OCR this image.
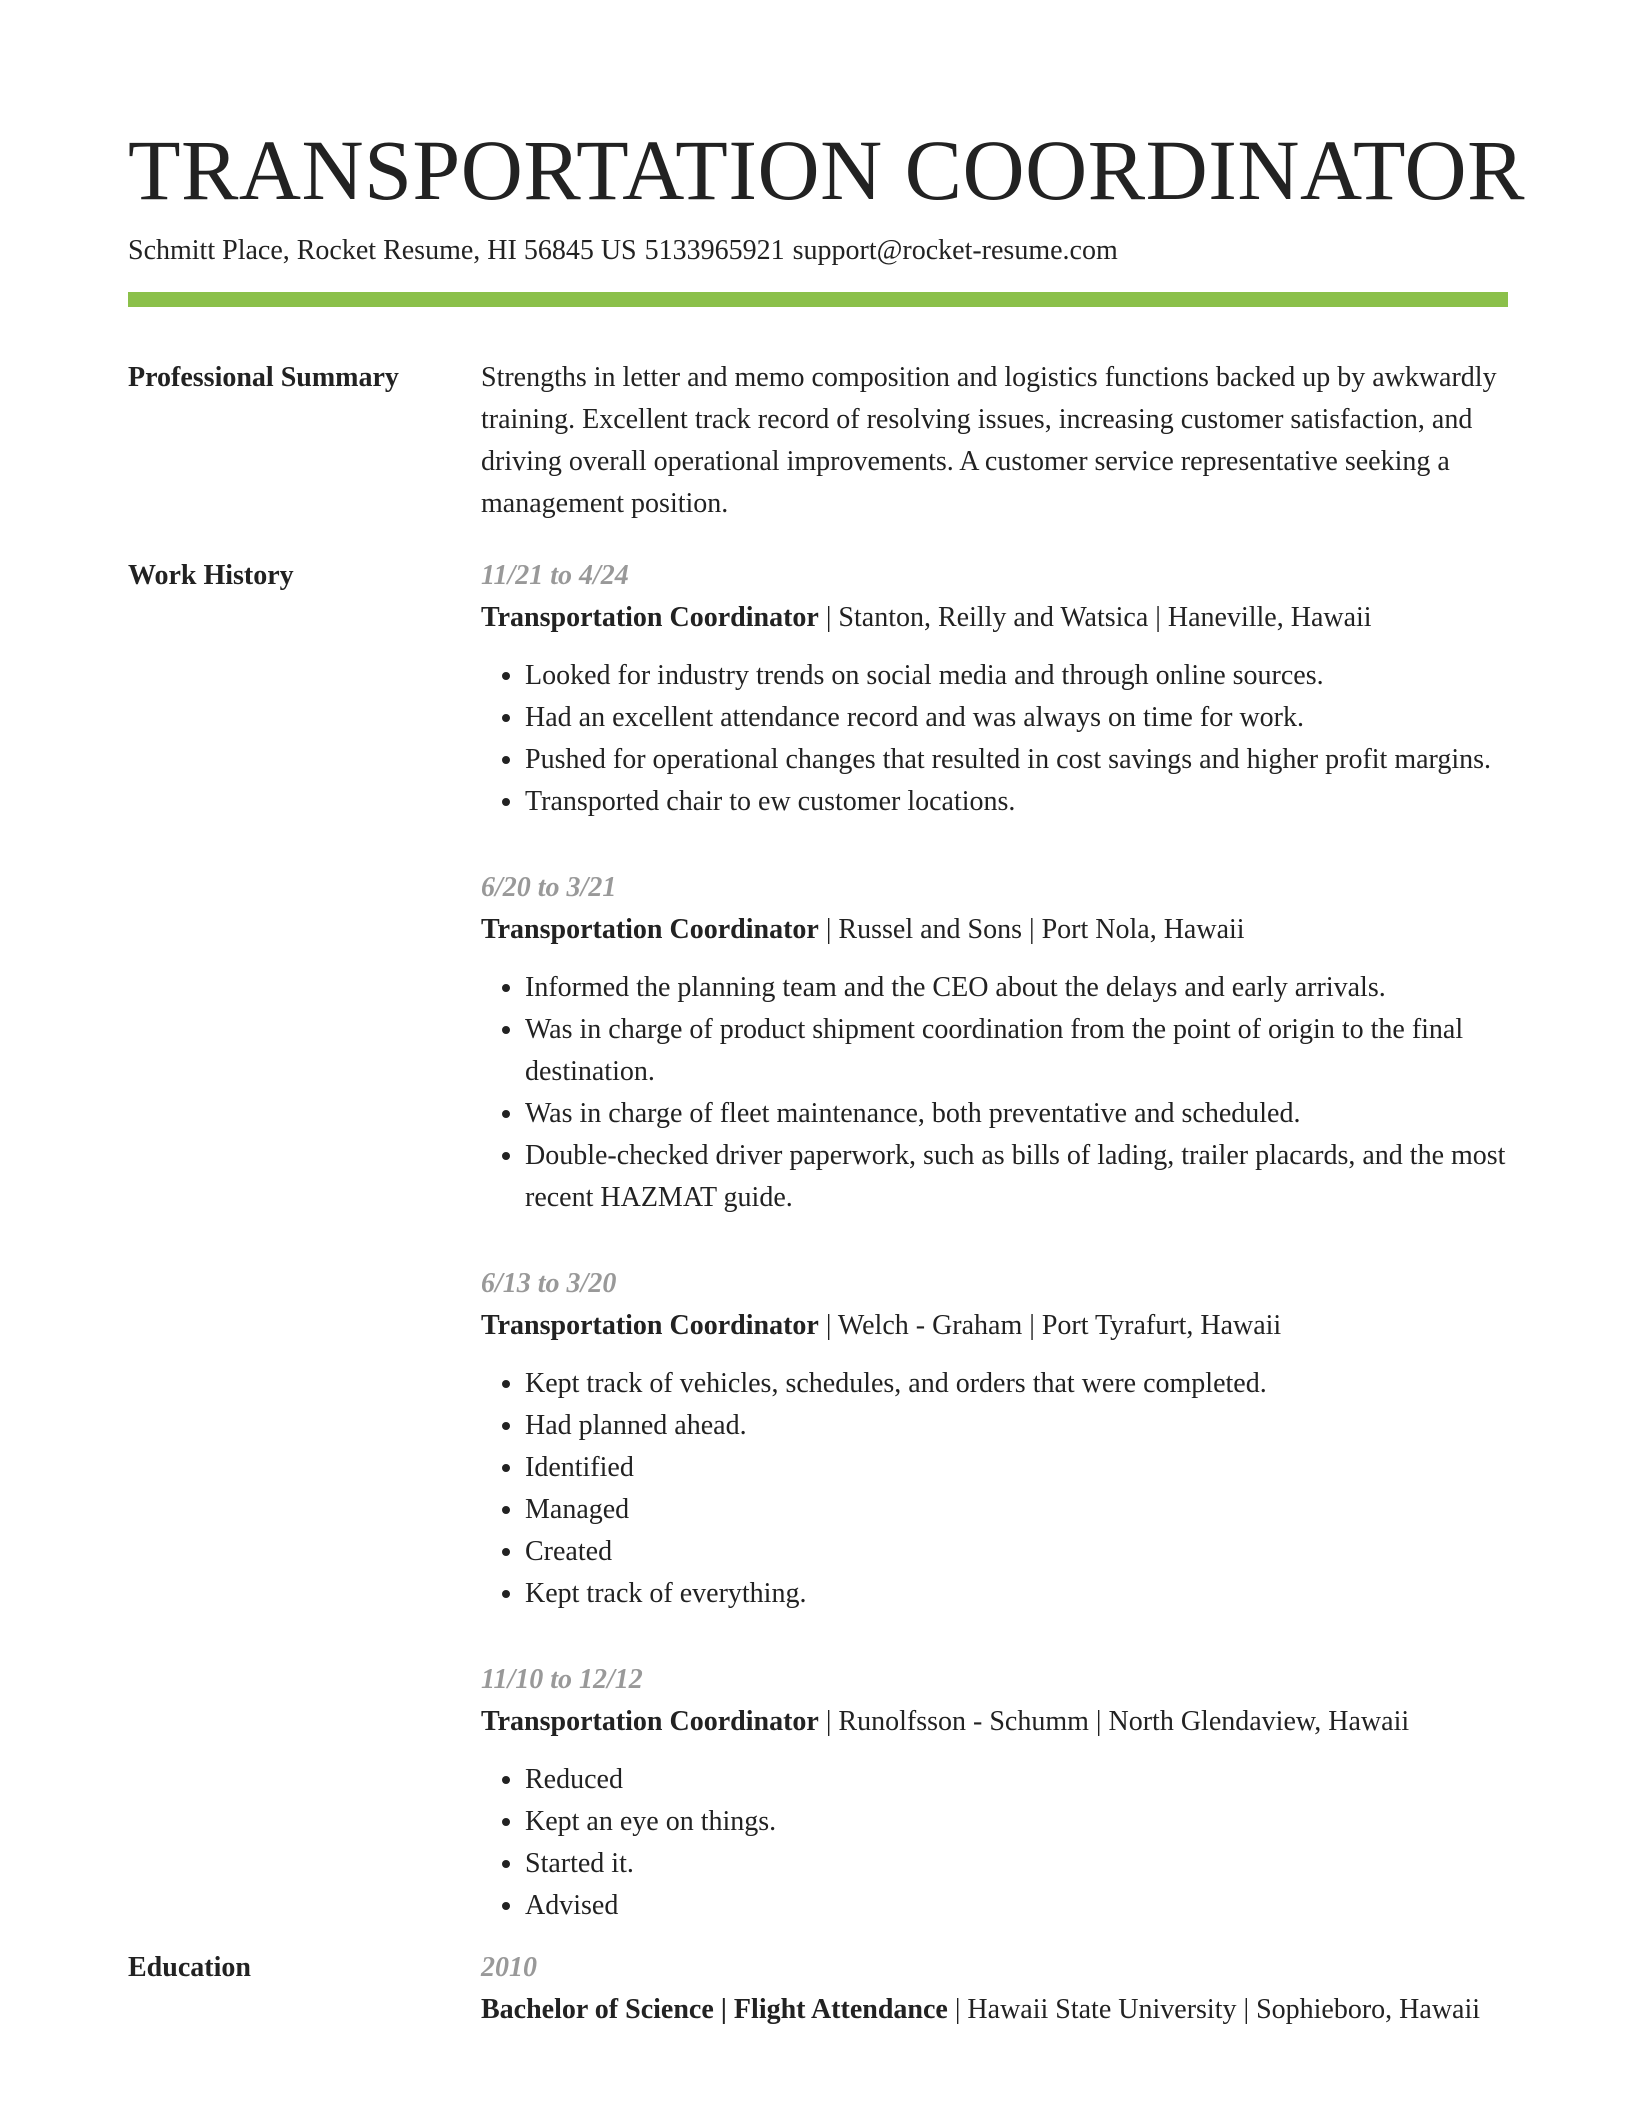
TRANSPORTATION COORDINATOR
Schmitt Place, Rocket Resume, HI 56845 US 5133965921 support@rocket-resume.com
Professional Summary	Strengths in letter and memo composition and logistics functions backed up by awkwardly training. Excellent track record of resolving issues, increasing customer satisfaction, and driving overall operational improvements. A customer service representative seeking a management position.
Work History	11/21 to 4/24
Transportation Coordinator | Stanton, Reilly and Watsica | Haneville, Hawaii
• Looked for industry trends on social media and through online sources.
• Had an excellent attendance record and was always on time for work.
• Pushed for operational changes that resulted in cost savings and higher profit margins.
• Transported chair to ew customer locations.
6/20 to 3/21
Transportation Coordinator | Russel and Sons | Port Nola, Hawaii
• Informed the planning team and the CEO about the delays and early arrivals.
• Was in charge of product shipment coordination from the point of origin to the final destination.
• Was in charge of fleet maintenance, both preventative and scheduled.
• Double-checked driver paperwork, such as bills of lading, trailer placards, and the most recent HAZMAT guide.
6/13 to 3/20
Transportation Coordinator | Welch - Graham | Port Tyrafurt, Hawaii
• Kept track of vehicles, schedules, and orders that were completed.
• Had planned ahead.
• Identified
• Managed
• Created
• Kept track of everything.
11/10 to 12/12
Transportation Coordinator | Runolfsson - Schumm | North Glendaview, Hawaii
• Reduced
• Kept an eye on things.
• Started it.
• Advised
Education	2010
Bachelor of Science | Flight Attendance | Hawaii State University | Sophieboro, Hawaii
